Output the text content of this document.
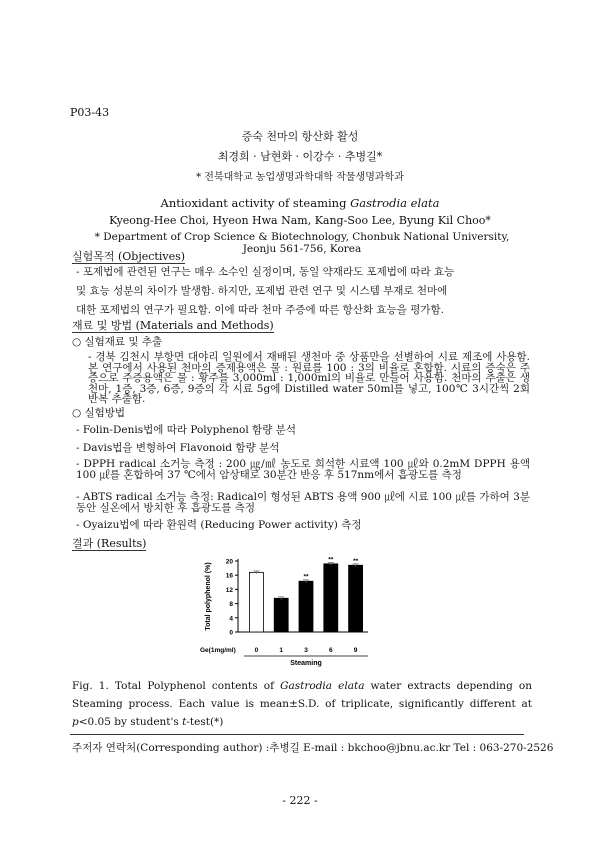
P03-43
증숙 천마의 항산화 활성
최경희 · 남현화 · 이강수 · 추병길*
* 전북대학교 농업생명과학대학 작물생명과학과
Antioxidant activity of steaming Gastrodia elata
Kyeong-Hee Choi, Hyeon Hwa Nam, Kang-Soo Lee, Byung Kil Choo*
* Department of Crop Science & Biotechnology, Chonbuk National University, Jeonju 561-756, Korea
실험목적 (Objectives)
- 포제법에 관련된 연구는 매우 소수인 실정이며, 동일 약재라도 포제법에 따라 효능
및 효능 성분의 차이가 발생함. 하지만, 포제법 관련 연구 및 시스템 부재로 천마에
대한 포제법의 연구가 필요함. 이에 따라 천마 주증에 따른 항산화 효능을 평가함.
재료 및 방법 (Materials and Methods)
○ 실험재료 및 추출
- 경북 김천시 부항면 대야리 일원에서 재배된 생천마 중 상품만을 선별하여 시료 제조에 사용함. 본 연구에서 사용된 천마의 증제용액은 물 : 원료를 100 : 3의 비율로 혼합함. 시료의 증숙은 주증으로 주증용액은 물 : 황주를 3,000ml : 1,000ml의 비율로 만들어 사용함. 천마의 추출은 생천마, 1증, 3증, 6증, 9증의 각 시료 5g에 Distilled water 50ml를 넣고, 100℃ 3시간씩 2회 반복 추출함.
○ 실험방법
- Folin-Denis법에 따라 Polyphenol 함량 분석
- Davis법을 변형하여 Flavonoid 함량 분석
- DPPH radical 소거능 측정 : 200 ㎍/㎖ 농도로 희석한 시료액 100 ㎕와 0.2mM DPPH 용액 100 ㎕를 혼합하여 37 ℃에서 암상태로 30분간 반응 후 517nm에서 흡광도를 측정
- ABTS radical 소거능 측정: Radical이 형성된 ABTS 용액 900 ㎕에 시료 100 ㎕를 가하여 3분 동안 실온에서 방치한 후 흡광도를 측정
- Oyaizu법에 따라 환원력 (Reducing Power activity) 측정
결과 (Results)
0
4
8
12
16
20
Total polyphenol (%)
0	1
**
3
**
6
**
9
Ge(1mg/ml)
Steaming
Fig. 1. Total Polyphenol contents of Gastrodia elata water extracts depending on Steaming process. Each value is mean±S.D. of triplicate, significantly different at p<0.05 by student's t-test(*)
주저자 연락처(Corresponding author) :추병길 E-mail : bkchoo@jbnu.ac.kr Tel : 063-270-2526
- 222 -
